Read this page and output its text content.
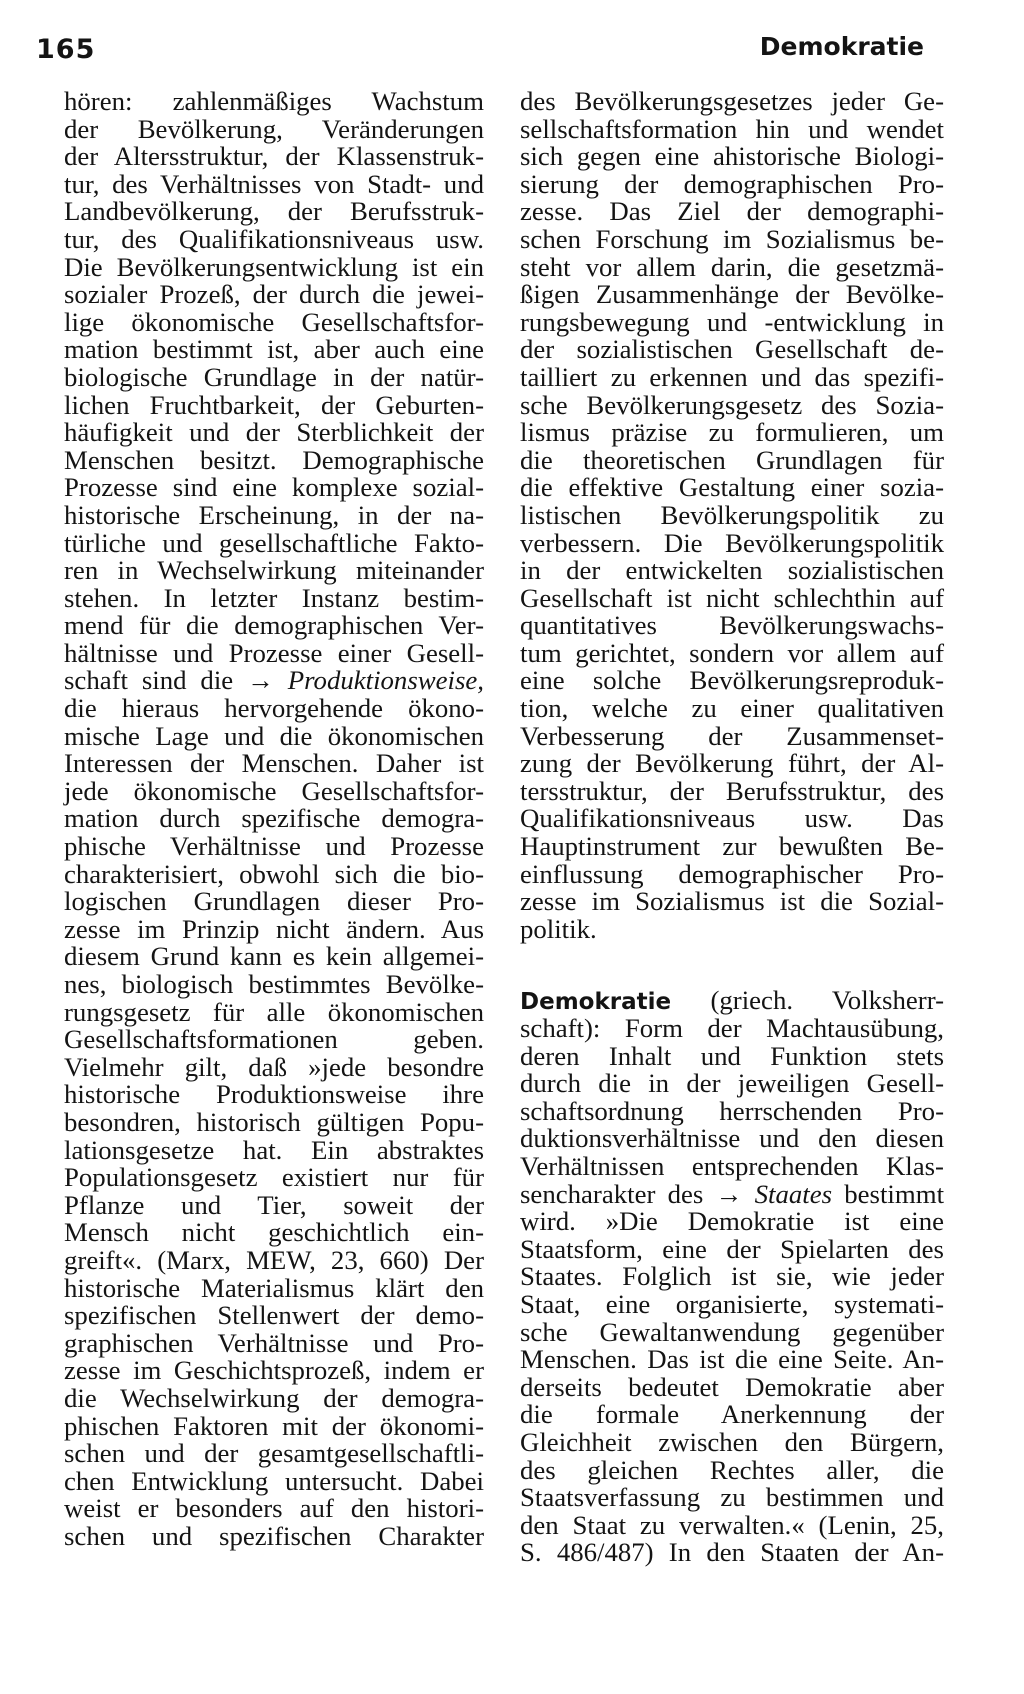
165	Demokratie
hören: zahlenmäßiges Wachstum
der Bevölkerung, Veränderungen
der Altersstruktur, der Klassenstruk-
tur, des Verhältnisses von Stadt- und
Landbevölkerung, der Berufsstruk-
tur, des Qualifikationsniveaus usw.
Die Bevölkerungsentwicklung ist ein
sozialer Prozeß, der durch die jewei-
lige ökonomische Gesellschaftsfor-
mation bestimmt ist, aber auch eine
biologische Grundlage in der natür-
lichen Fruchtbarkeit, der Geburten-
häufigkeit und der Sterblichkeit der
Menschen besitzt. Demographische
Prozesse sind eine komplexe sozial-
historische Erscheinung, in der na-
türliche und gesellschaftliche Fakto-
ren in Wechselwirkung miteinander
stehen. In letzter Instanz bestim-
mend für die demographischen Ver-
hältnisse und Prozesse einer Gesell-
schaft sind die → Produktionsweise,
die hieraus hervorgehende ökono-
mische Lage und die ökonomischen
Interessen der Menschen. Daher ist
jede ökonomische Gesellschaftsfor-
mation durch spezifische demogra-
phische Verhältnisse und Prozesse
charakterisiert, obwohl sich die bio-
logischen Grundlagen dieser Pro-
zesse im Prinzip nicht ändern. Aus
diesem Grund kann es kein allgemei-
nes, biologisch bestimmtes Bevölke-
rungsgesetz für alle ökonomischen
Gesellschaftsformationen geben.
Vielmehr gilt, daß »jede besondre
historische Produktionsweise ihre
besondren, historisch gültigen Popu-
lationsgesetze hat. Ein abstraktes
Populationsgesetz existiert nur für
Pflanze und Tier, soweit der
Mensch nicht geschichtlich ein-
greift«. (Marx, MEW, 23, 660) Der
historische Materialismus klärt den
spezifischen Stellenwert der demo-
graphischen Verhältnisse und Pro-
zesse im Geschichtsprozeß, indem er
die Wechselwirkung der demogra-
phischen Faktoren mit der ökonomi-
schen und der gesamtgesellschaftli-
chen Entwicklung untersucht. Dabei
weist er besonders auf den histori-
schen und spezifischen Charakter
des Bevölkerungsgesetzes jeder Ge-
sellschaftsformation hin und wendet
sich gegen eine ahistorische Biologi-
sierung der demographischen Pro-
zesse. Das Ziel der demographi-
schen Forschung im Sozialismus be-
steht vor allem darin, die gesetzmä-
ßigen Zusammenhänge der Bevölke-
rungsbewegung und -entwicklung in
der sozialistischen Gesellschaft de-
tailliert zu erkennen und das spezifi-
sche Bevölkerungsgesetz des Sozia-
lismus präzise zu formulieren, um
die theoretischen Grundlagen für
die effektive Gestaltung einer sozia-
listischen Bevölkerungspolitik zu
verbessern. Die Bevölkerungspolitik
in der entwickelten sozialistischen
Gesellschaft ist nicht schlechthin auf
quantitatives Bevölkerungswachs-
tum gerichtet, sondern vor allem auf
eine solche Bevölkerungsreproduk-
tion, welche zu einer qualitativen
Verbesserung der Zusammenset-
zung der Bevölkerung führt, der Al-
tersstruktur, der Berufsstruktur, des
Qualifikationsniveaus usw. Das
Hauptinstrument zur bewußten Be-
einflussung demographischer Pro-
zesse im Sozialismus ist die Sozial-
politik.
Demokratie (griech. Volksherr-
schaft): Form der Machtausübung,
deren Inhalt und Funktion stets
durch die in der jeweiligen Gesell-
schaftsordnung herrschenden Pro-
duktionsverhältnisse und den diesen
Verhältnissen entsprechenden Klas-
sencharakter des → Staates bestimmt
wird. »Die Demokratie ist eine
Staatsform, eine der Spielarten des
Staates. Folglich ist sie, wie jeder
Staat, eine organisierte, systemati-
sche Gewaltanwendung gegenüber
Menschen. Das ist die eine Seite. An-
derseits bedeutet Demokratie aber
die formale Anerkennung der
Gleichheit zwischen den Bürgern,
des gleichen Rechtes aller, die
Staatsverfassung zu bestimmen und
den Staat zu verwalten.« (Lenin, 25,
S. 486/487) In den Staaten der An-
